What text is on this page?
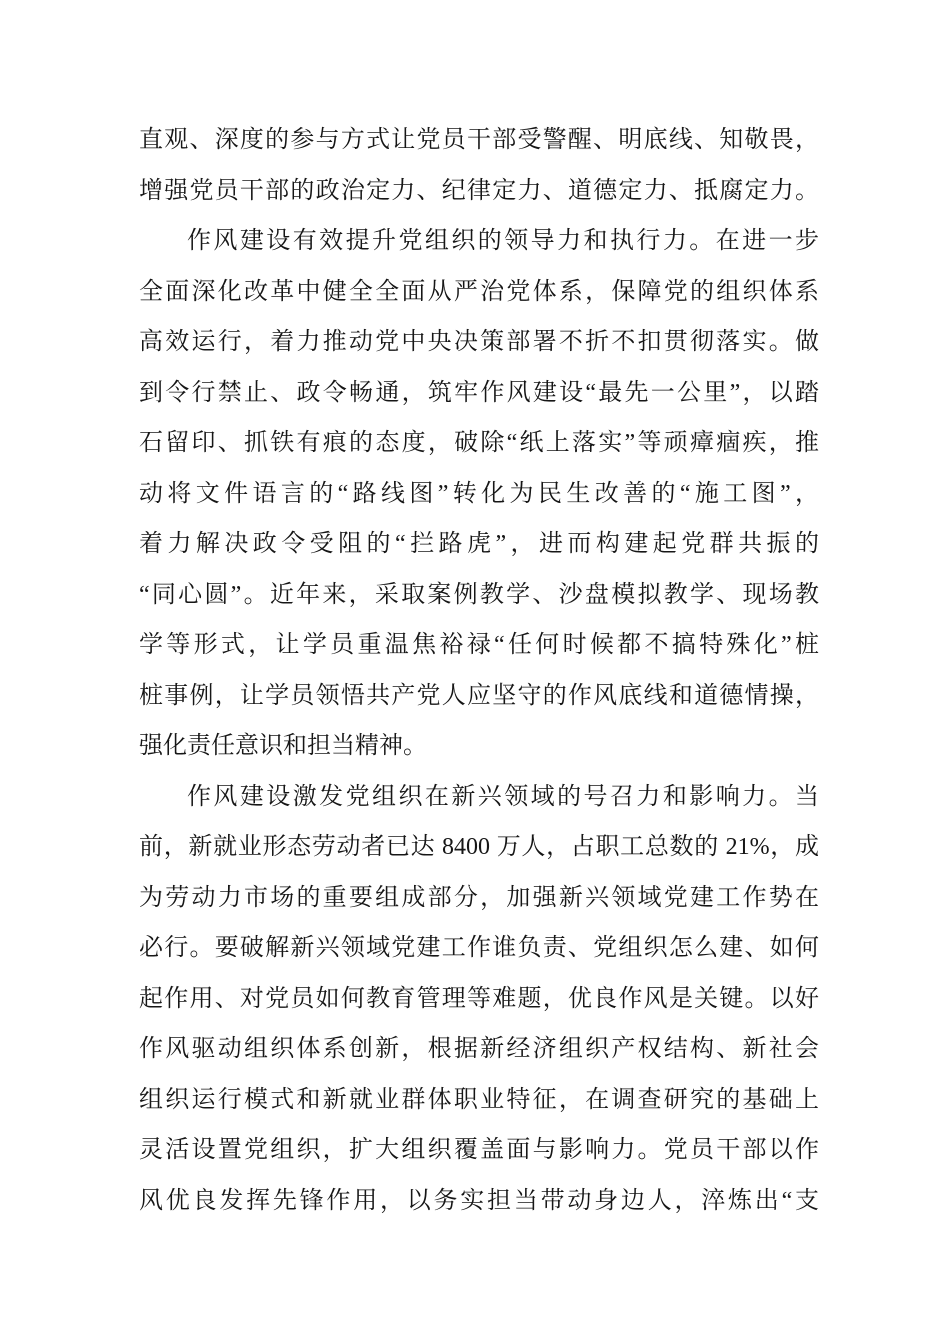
直观、深度的参与方式让党员干部受警醒、明底线、知敬畏，
增强党员干部的政治定力、纪律定力、道德定力、抵腐定力。
作风建设有效提升党组织的领导力和执行力。在进一步
全面深化改革中健全全面从严治党体系，保障党的组织体系
高效运行，着力推动党中央决策部署不折不扣贯彻落实。做
到令行禁止、政令畅通，筑牢作风建设“最先一公里”，以踏
石留印、抓铁有痕的态度，破除“纸上落实”等顽瘴痼疾，推
动将文件语言的“路线图”转化为民生改善的“施工图”，
着力解决政令受阻的“拦路虎”，进而构建起党群共振的
“同心圆”。近年来，采取案例教学、沙盘模拟教学、现场教
学等形式，让学员重温焦裕禄“任何时候都不搞特殊化”桩
桩事例，让学员领悟共产党人应坚守的作风底线和道德情操，
强化责任意识和担当精神。
作风建设激发党组织在新兴领域的号召力和影响力。当
前，新就业形态劳动者已达 8400 万人，占职工总数的 21%，成
为劳动力市场的重要组成部分，加强新兴领域党建工作势在
必行。要破解新兴领域党建工作谁负责、党组织怎么建、如何
起作用、对党员如何教育管理等难题，优良作风是关键。以好
作风驱动组织体系创新，根据新经济组织产权结构、新社会
组织运行模式和新就业群体职业特征，在调查研究的基础上
灵活设置党组织，扩大组织覆盖面与影响力。党员干部以作
风优良发挥先锋作用，以务实担当带动身边人，淬炼出“支
